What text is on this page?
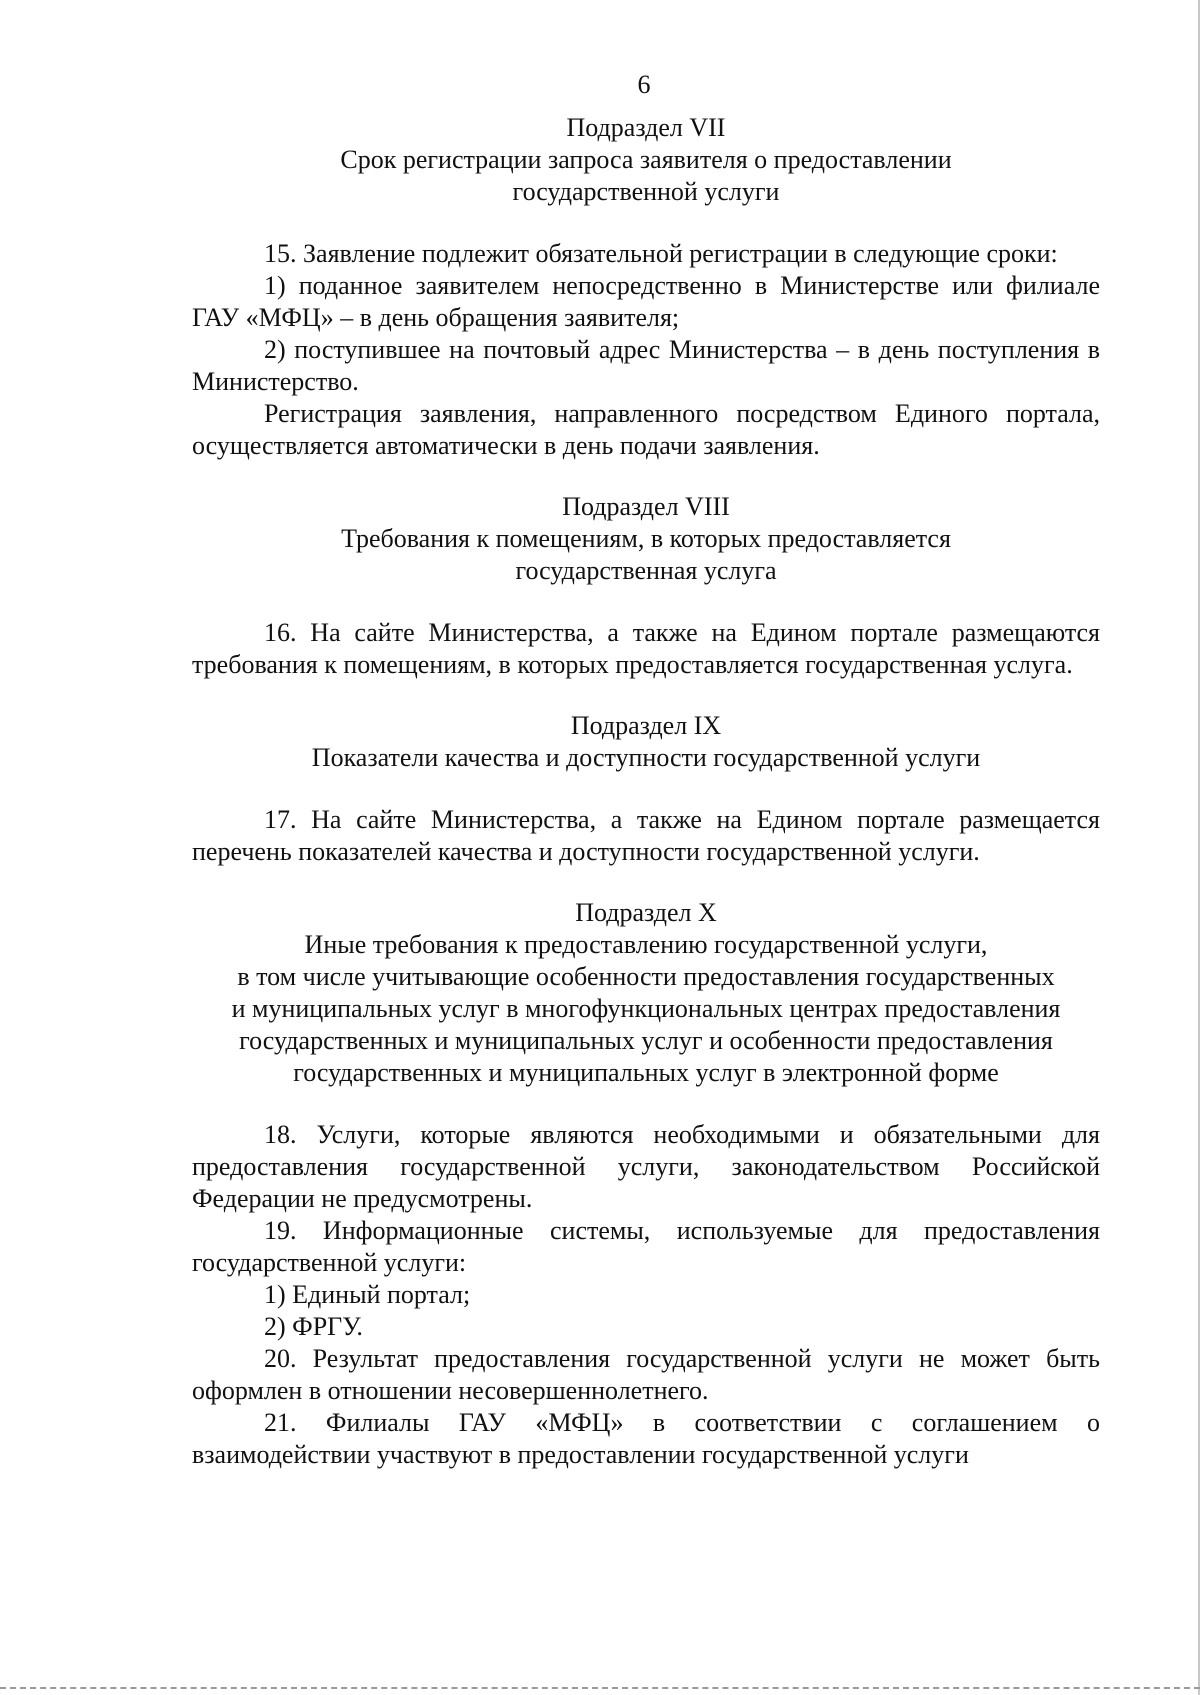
6

Подраздел VII

Срок регистрации запроса заявителя о предоставлении

государственной услуги

15. Заявление подлежит обязательной регистрации в следующие сроки:

1) поданное заявителем непосредственно в Министерстве или филиале ГАУ «МФЦ» – в день обращения заявителя;

2) поступившее на почтовый адрес Министерства – в день поступления в Министерство.

Регистрация заявления, направленного посредством Единого портала, осуществляется автоматически в день подачи заявления.

Подраздел VIII

Требования к помещениям, в которых предоставляется

государственная услуга

16. На сайте Министерства, а также на Едином портале размещаются требования к помещениям, в которых предоставляется государственная услуга.

Подраздел IX

Показатели качества и доступности государственной услуги

17. На сайте Министерства, а также на Едином портале размещается перечень показателей качества и доступности государственной услуги.

Подраздел X

Иные требования к предоставлению государственной услуги,

в том числе учитывающие особенности предоставления государственных

и муниципальных услуг в многофункциональных центрах предоставления

государственных и муниципальных услуг и особенности предоставления

государственных и муниципальных услуг в электронной форме

18. Услуги, которые являются необходимыми и обязательными для предоставления государственной услуги, законодательством Российской Федерации не предусмотрены.

19. Информационные системы, используемые для предоставления государственной услуги:

1) Единый портал;

2) ФРГУ.

20. Результат предоставления государственной услуги не может быть оформлен в отношении несовершеннолетнего.

21. Филиалы ГАУ «МФЦ» в соответствии с соглашением о взаимодействии участвуют в предоставлении государственной услуги
